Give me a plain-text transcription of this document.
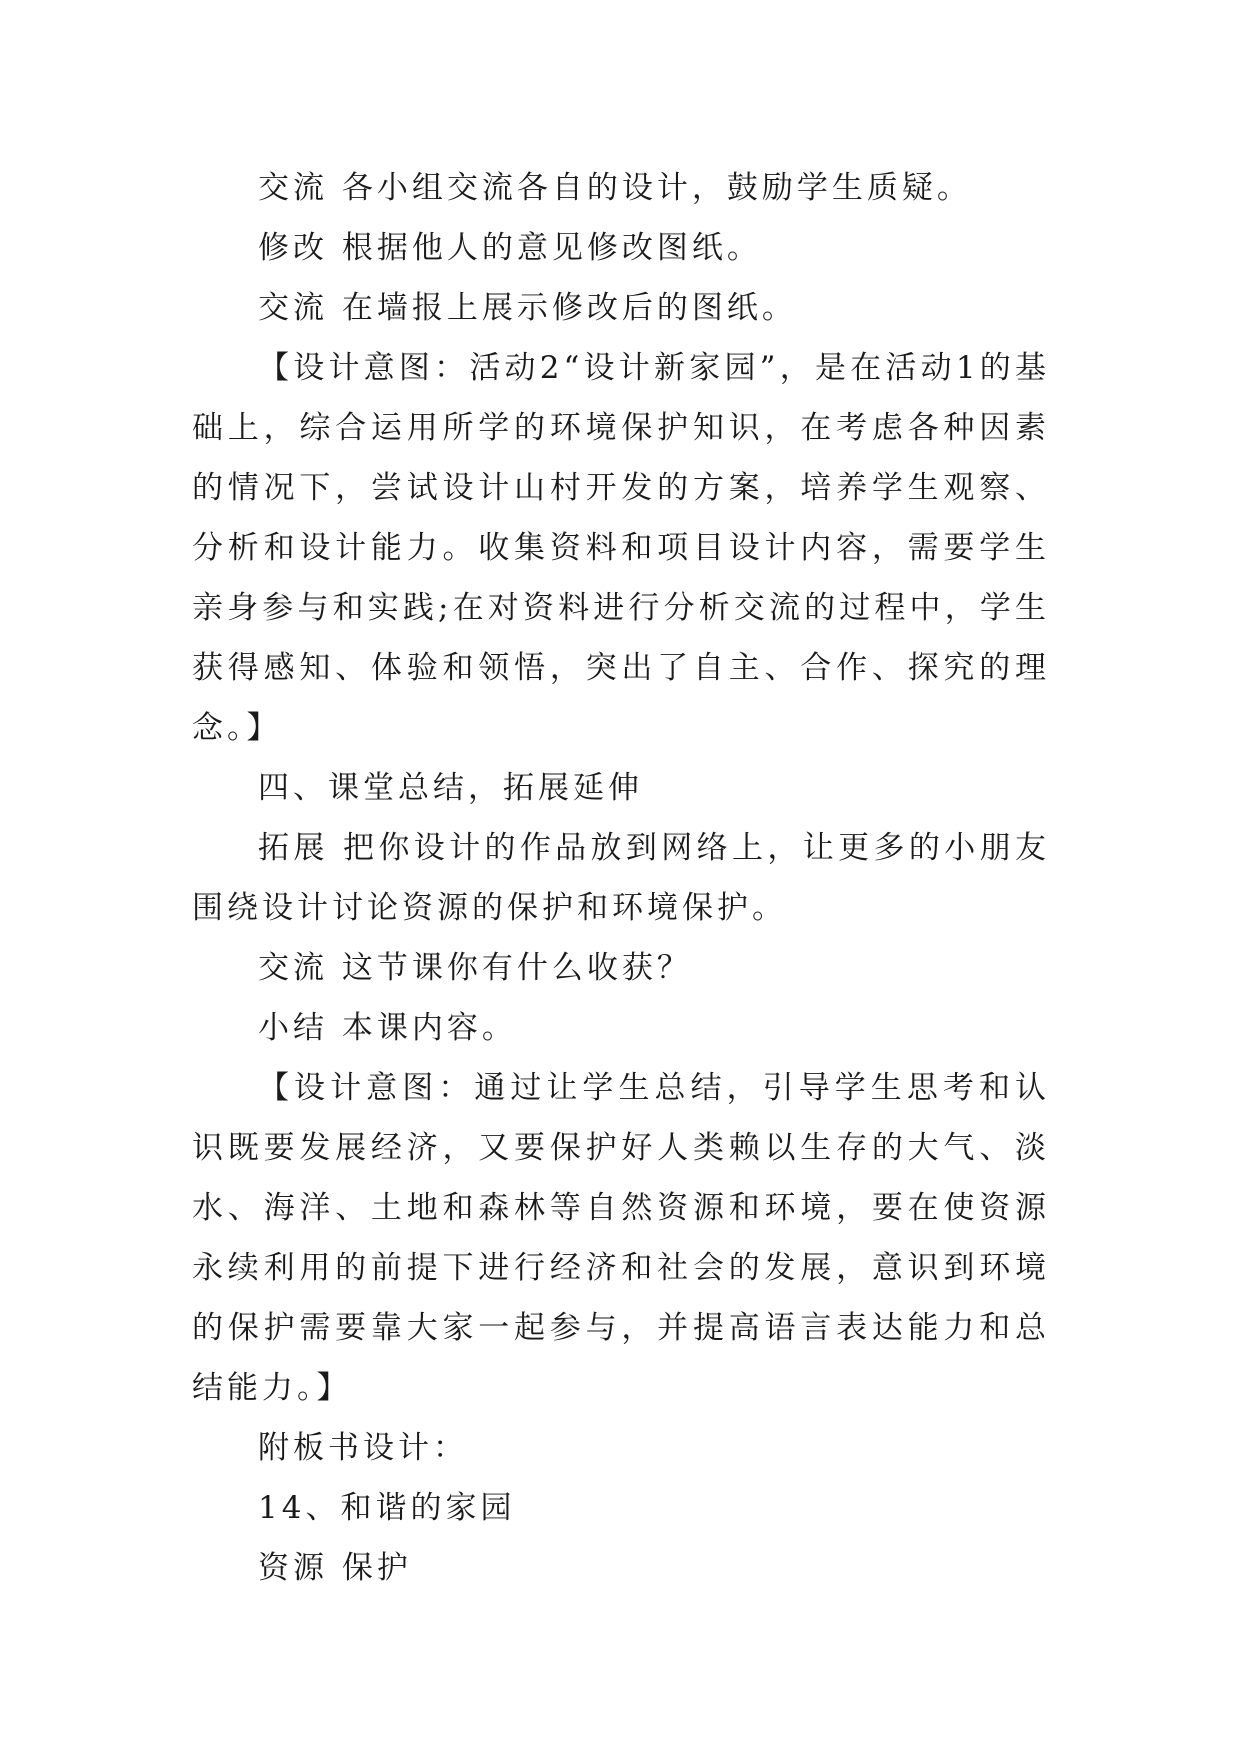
交流 各小组交流各自的设计，鼓励学生质疑。

修改 根据他人的意见修改图纸。

交流 在墙报上展示修改后的图纸。

【设计意图：活动2“设计新家园”，是在活动1的基础上，综合运用所学的环境保护知识，在考虑各种因素的情况下，尝试设计山村开发的方案，培养学生观察、分析和设计能力。收集资料和项目设计内容，需要学生亲身参与和实践;在对资料进行分析交流的过程中，学生获得感知、体验和领悟，突出了自主、合作、探究的理念。】

四、课堂总结，拓展延伸

拓展 把你设计的作品放到网络上，让更多的小朋友围绕设计讨论资源的保护和环境保护。

交流 这节课你有什么收获？

小结 本课内容。

【设计意图：通过让学生总结，引导学生思考和认识既要发展经济，又要保护好人类赖以生存的大气、淡水、海洋、土地和森林等自然资源和环境，要在使资源永续利用的前提下进行经济和社会的发展，意识到环境的保护需要靠大家一起参与，并提高语言表达能力和总结能力。】

附板书设计：

14、和谐的家园

资源 保护
